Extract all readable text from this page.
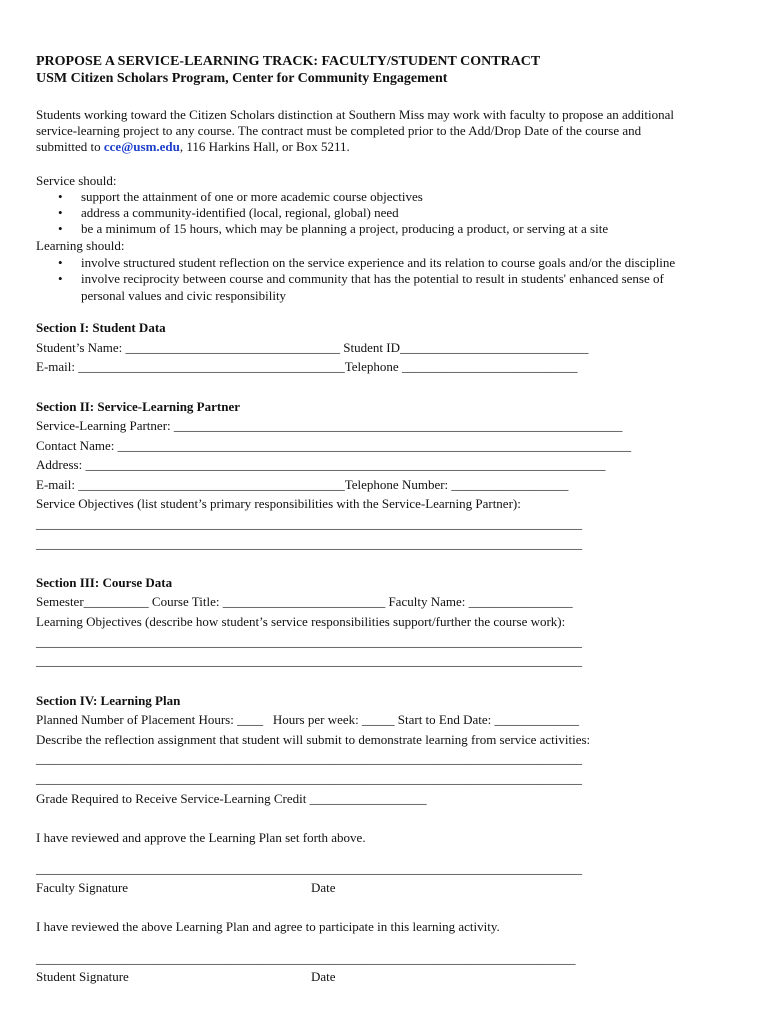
PROPOSE A SERVICE-LEARNING TRACK: FACULTY/STUDENT CONTRACT
USM Citizen Scholars Program, Center for Community Engagement
Students working toward the Citizen Scholars distinction at Southern Miss may work with faculty to propose an additional
service-learning project to any course. The contract must be completed prior to the Add/Drop Date of the course and
submitted to cce@usm.edu, 116 Harkins Hall, or Box 5211.
Service should:
• support the attainment of one or more academic course objectives
• address a community-identified (local, regional, global) need
• be a minimum of 15 hours, which may be planning a project, producing a product, or serving at a site
Learning should:
• involve structured student reflection on the service experience and its relation to course goals and/or the discipline
• involve reciprocity between course and community that has the potential to result in students' enhanced sense of
personal values and civic responsibility
Section I: Student Data
Student’s Name: _________________________________ Student ID_____________________________
E-mail: _________________________________________Telephone ___________________________
Section II: Service-Learning Partner
Service-Learning Partner: _____________________________________________________________________
Contact Name: _______________________________________________________________________________
Address: ________________________________________________________________________________
E-mail: _________________________________________Telephone Number: __________________
Service Objectives (list student’s primary responsibilities with the Service-Learning Partner):
____________________________________________________________________________________
____________________________________________________________________________________
Section III: Course Data
Semester__________ Course Title: _________________________ Faculty Name: ________________
Learning Objectives (describe how student’s service responsibilities support/further the course work):
____________________________________________________________________________________
____________________________________________________________________________________
Section IV: Learning Plan
Planned Number of Placement Hours: ____   Hours per week: _____ Start to End Date: _____________
Describe the reflection assignment that student will submit to demonstrate learning from service activities:
____________________________________________________________________________________
____________________________________________________________________________________
Grade Required to Receive Service-Learning Credit __________________
I have reviewed and approve the Learning Plan set forth above.
____________________________________________________________________________________
Faculty Signature	Date
I have reviewed the above Learning Plan and agree to participate in this learning activity.
___________________________________________________________________________________
Student Signature	Date
